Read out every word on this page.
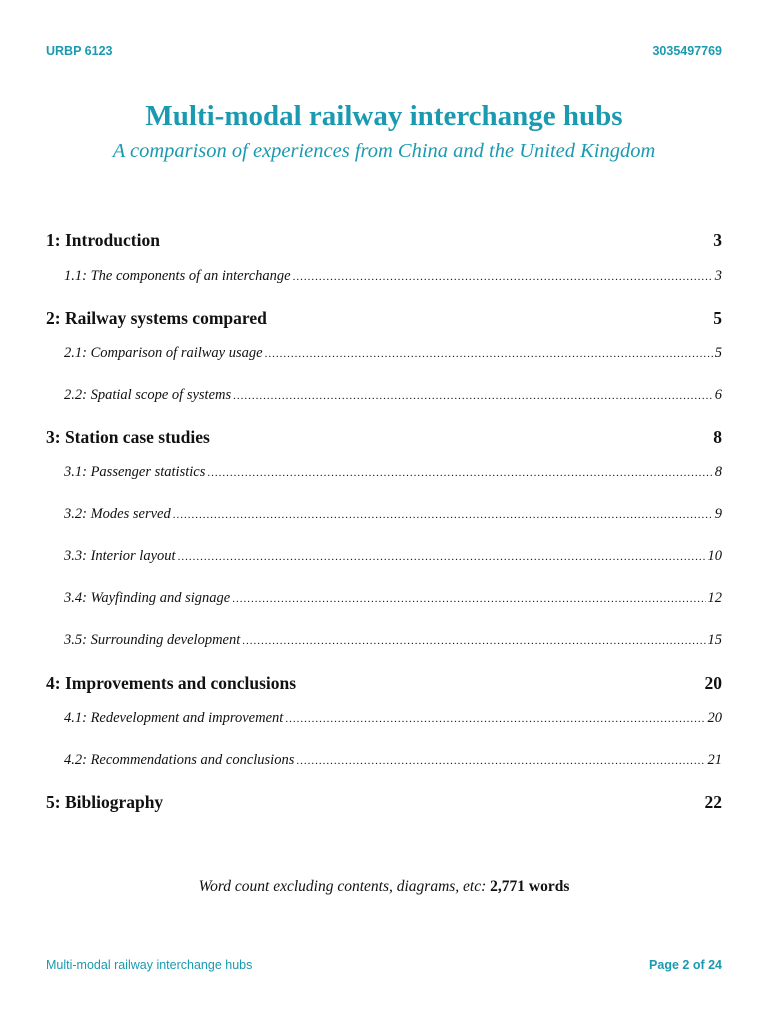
URBP 6123	3035497769
Multi-modal railway interchange hubs
A comparison of experiences from China and the United Kingdom
1: Introduction	3
1.1: The components of an interchange .....	3
2: Railway systems compared	5
2.1: Comparison of railway usage .....	5
2.2: Spatial scope of systems .....	6
3: Station case studies	8
3.1: Passenger statistics .....	8
3.2: Modes served .....	9
3.3: Interior layout .....	10
3.4: Wayfinding and signage .....	12
3.5: Surrounding development .....	15
4: Improvements and conclusions	20
4.1: Redevelopment and improvement .....	20
4.2: Recommendations and conclusions .....	21
5: Bibliography	22
Word count excluding contents, diagrams, etc: 2,771 words
Multi-modal railway interchange hubs	Page 2 of 24
